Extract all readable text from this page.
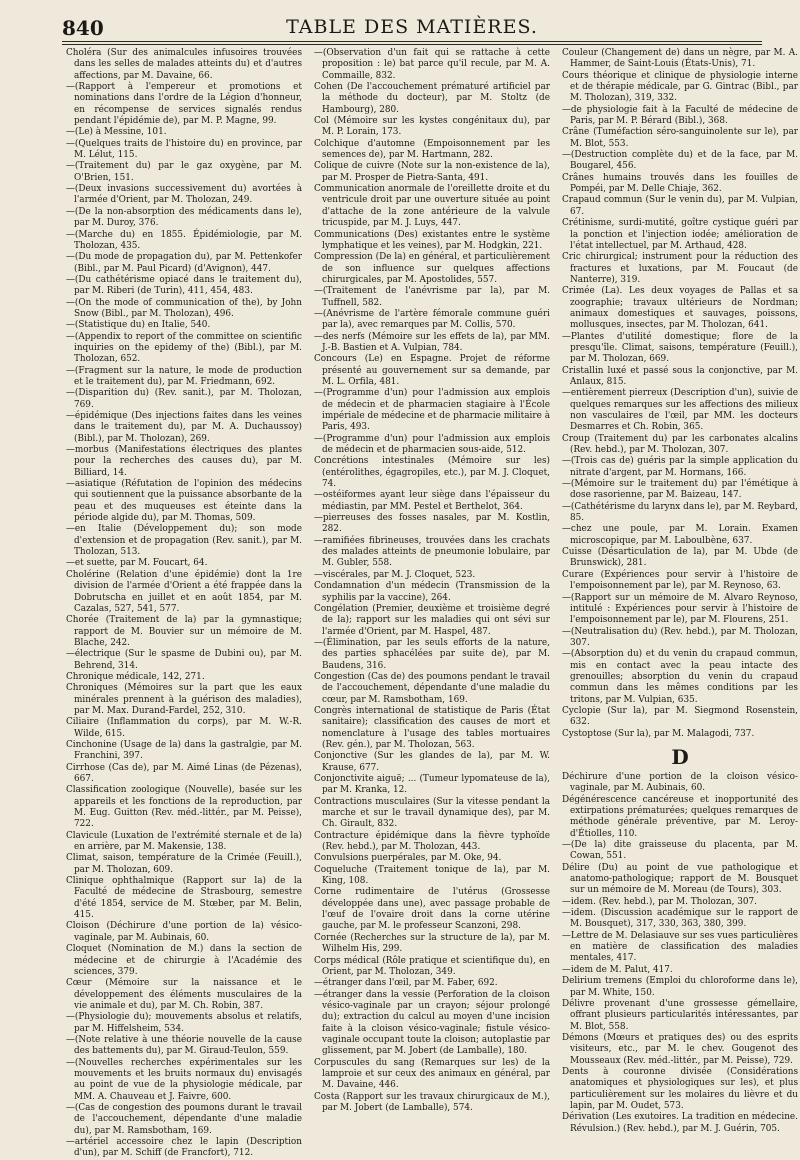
840	TABLE DES MATIÈRES.

Choléra (Sur des animalcules infusoires trouvées dans les selles de malades atteints du) et d'autres affections, par M. Davaine, 66.

—(Rapport à l'empereur et promotions et nominations dans l'ordre de la Légion d'honneur, en récompense de services signalés rendus pendant l'épidémie de), par M. P. Magne, 99.

—(Le) à Messine, 101.

—(Quelques traits de l'histoire du) en province, par M. Lélut, 115.

—(Traitement du) par le gaz oxygène, par M. O'Brien, 151.

—(Deux invasions successivement du) avortées à l'armée d'Orient, par M. Tholozan, 249.

—(De la non-absorption des médicaments dans le), par M. Duroy, 376.

—(Marche du) en 1855. Épidémiologie, par M. Tholozan, 435.

—(Du mode de propagation du), par M. Pettenkofer (Bibl., par M. Paul Picard) (d'Avignon), 447.

—(Du cathétérisme opiacé dans le traitement du), par M. Riberi (de Turin), 411, 454, 483.

—(On the mode of communication of the), by John Snow (Bibl., par M. Tholozan), 496.

—(Statistique du) en Italie, 540.

—(Appendix to report of the committee on scientific inquiries on the epidemy of the) (Bibl.), par M. Tholozan, 652.

—(Fragment sur la nature, le mode de production et le traitement du), par M. Friedmann, 692.

—(Disparition du) (Rev. sanit.), par M. Tholozan, 769.

—épidémique (Des injections faites dans les veines dans le traitement du), par M. A. Duchaussoy) (Bibl.), par M. Tholozan), 269.

—morbus (Manifestations électriques des plantes pour la recherches des causes du), par M. Billiard, 14.

—asiatique (Réfutation de l'opinion des médecins qui soutiennent que la puissance absorbante de la peau et des muqueuses est éteinte dans la période algide du), par M. Thomas, 509.

—en Italie (Développement du); son mode d'extension et de propagation (Rev. sanit.), par M. Tholozan, 513.

—et suette, par M. Foucart, 64.

Cholérine (Relation d'une épidémie) dont la 1re division de l'armée d'Orient a été frappée dans la Dobrutscha en juillet et en août 1854, par M. Cazalas, 527, 541, 577.

Chorée (Traitement de la) par la gymnastique; rapport de M. Bouvier sur un mémoire de M. Blache, 242.

—électrique (Sur le spasme de Dubini ou), par M. Behrend, 314.

Chronique médicale, 142, 271.

Chroniques (Mémoires sur la part que les eaux minérales prennent à la guérison des maladies), par M. Max. Durand-Fardel, 252, 310.

Ciliaire (Inflammation du corps), par M. W.-R. Wilde, 615.

Cinchonine (Usage de la) dans la gastralgie, par M. Franchini, 397.

Cirrhose (Cas de), par M. Aimé Linas (de Pézenas), 667.

Classification zoologique (Nouvelle), basée sur les appareils et les fonctions de la reproduction, par M. Eug. Guitton (Rev. méd.-littér., par M. Peisse), 722.

Clavicule (Luxation de l'extrémité sternale et de la) en arrière, par M. Makensie, 138.

Climat, saison, température de la Crimée (Feuill.), par M. Tholozan, 609.

Clinique ophthalmique (Rapport sur la) de la Faculté de médecine de Strasbourg, semestre d'été 1854, service de M. Stœber, par M. Belin, 415.

Cloison (Déchirure d'une portion de la) vésico-vaginale, par M. Aubinais, 60.

Cloquet (Nomination de M.) dans la section de médecine et de chirurgie à l'Académie des sciences, 379.

Cœur (Mémoire sur la naissance et le développement des éléments musculaires de la vie animale et du), par M. Ch. Robin, 387.

—(Physiologie du); mouvements absolus et relatifs, par M. Hiffelsheim, 534.

—(Note relative à une théorie nouvelle de la cause des battements du), par M. Giraud-Teulon, 559.

—(Nouvelles recherches expérimentales sur les mouvements et les bruits normaux du) envisagés au point de vue de la physiologie médicale, par MM. A. Chauveau et J. Faivre, 600.

—(Cas de congestion des poumons durant le travail de l'accouchement, dépendante d'une maladie du), par M. Ramsbotham, 169.

—artériel accessoire chez le lapin (Description d'un), par M. Schiff (de Francfort), 712.

—(Observation d'un fait qui se rattache à cette proposition : le) bat parce qu'il recule, par M. A. Commaille, 832.

Cohen (De l'accouchement prématuré artificiel par la méthode du docteur), par M. Stoltz (de Hambourg), 280.

Col (Mémoire sur les kystes congénitaux du), par M. P. Lorain, 173.

Colchique d'automne (Empoisonnement par les semences de), par M. Hartmann, 282.

Colique de cuivre (Note sur la non-existence de la), par M. Prosper de Pietra-Santa, 491.

Communication anormale de l'oreillette droite et du ventricule droit par une ouverture située au point d'attache de la zone antérieure de la valvule tricuspide, par M. J. Luys, 447.

Communications (Des) existantes entre le système lymphatique et les veines), par M. Hodgkin, 221.

Compression (De la) en général, et particulièrement de son influence sur quelques affections chirurgicales, par M. Apostolides, 557.

—(Traitement de l'anévrisme par la), par M. Tuffnell, 582.

—(Anévrisme de l'artère fémorale commune guéri par la), avec remarques par M. Collis, 570.

—des nerfs (Mémoire sur les effets de la), par MM. J.-B. Bastien et A. Vulpian, 784.

Concours (Le) en Espagne. Projet de réforme présenté au gouvernement sur sa demande, par M. L. Orfila, 481.

—(Programme d'un) pour l'admission aux emplois de médecin et de pharmacien stagiaire à l'École impériale de médecine et de pharmacie militaire à Paris, 493.

—(Programme d'un) pour l'admission aux emplois de médecin et de pharmacien sous-aide, 512.

Concrétions intestinales (Mémoire sur les) (entérolithes, égagropiles, etc.), par M. J. Cloquet, 74.

—ostéiformes ayant leur siège dans l'épaisseur du médiastin, par MM. Pestel et Berthelot, 364.

—pierreuses des fosses nasales, par M. Kostlin, 282.

—ramifiées fibrineuses, trouvées dans les crachats des malades atteints de pneumonie lobulaire, par M. Gubler, 558.

—viscérales, par M. J. Cloquet, 523.

Condamnation d'un médecin (Transmission de la syphilis par la vaccine), 264.

Congélation (Premier, deuxième et troisième degré de la); rapport sur les maladies qui ont sévi sur l'armée d'Orient, par M. Haspel, 487.

—(Élimination, par les seuls efforts de la nature, des parties sphacélées par suite de), par M. Baudens, 316.

Congestion (Cas de) des poumons pendant le travail de l'accouchement, dépendante d'une maladie du cœur, par M. Ramsbotham, 169.

Congrès international de statistique de Paris (État sanitaire); classification des causes de mort et nomenclature à l'usage des tables mortuaires (Rev. gén.), par M. Tholozan, 563.

Conjonctive (Sur les glandes de la), par M. W. Krause, 677.

Conjonctivite aiguë; ... (Tumeur lypomateuse de la), par M. Kranka, 12.

Contractions musculaires (Sur la vitesse pendant la marche et sur le travail dynamique des), par M. Ch. Girault, 832.

Contracture épidémique dans la fièvre typhoïde (Rev. hebd.), par M. Tholozan, 443.

Convulsions puerpérales, par M. Oke, 94.

Coqueluche (Traitement tonique de la), par M. King, 108.

Corne rudimentaire de l'utérus (Grossesse développée dans une), avec passage probable de l'œuf de l'ovaire droit dans la corne utérine gauche, par M. le professeur Scanzoni, 298.

Cornée (Recherches sur la structure de la), par M. Wilhelm His, 299.

Corps médical (Rôle pratique et scientifique du), en Orient, par M. Tholozan, 349.

—étranger dans l'œil, par M. Faber, 692.

—étranger dans la vessie (Perforation de la cloison vésico-vaginale par un crayon; séjour prolongé du); extraction du calcul au moyen d'une incision faite à la cloison vésico-vaginale; fistule vésico-vaginale occupant toute la cloison; autoplastie par glissement, par M. Jobert (de Lamballe), 180.

Corpuscules du sang (Remarques sur les) de la lamproie et sur ceux des animaux en général, par M. Davaine, 446.

Costa (Rapport sur les travaux chirurgicaux de M.), par M. Jobert (de Lamballe), 574.

Couleur (Changement de) dans un nègre, par M. A. Hammer, de Saint-Louis (États-Unis), 71.

Cours théorique et clinique de physiologie interne et de thérapie médicale, par G. Gintrac (Bibl., par M. Tholozan), 319, 332.

—de physiologie fait à la Faculté de médecine de Paris, par M. P. Bérard (Bibl.), 368.

Crâne (Tuméfaction séro-sanguinolente sur le), par M. Blot, 553.

—(Destruction complète du) et de la face, par M. Bougarel, 456.

Crânes humains trouvés dans les fouilles de Pompéi, par M. Delle Chiaje, 362.

Crapaud commun (Sur le venin du), par M. Vulpian, 67.

Crétinisme, surdi-mutité, goître cystique guéri par la ponction et l'injection iodée; amélioration de l'état intellectuel, par M. Arthaud, 428.

Cric chirurgical; instrument pour la réduction des fractures et luxations, par M. Foucaut (de Nanterre), 319.

Crimée (La). Les deux voyages de Pallas et sa zoographie; travaux ultérieurs de Nordman; animaux domestiques et sauvages, poissons, mollusques, insectes, par M. Tholozan, 641.

—Plantes d'utilité domestique; flore de la presqu'île. Climat, saisons, température (Feuill.), par M. Tholozan, 669.

Cristallin luxé et passé sous la conjonctive, par M. Anlaux, 815.

—entièrement pierreux (Description d'un), suivie de quelques remarques sur les affections des milieux non vasculaires de l'œil, par MM. les docteurs Desmarres et Ch. Robin, 365.

Croup (Traitement du) par les carbonates alcalins (Rev. hebd.), par M. Tholozan, 307.

—(Trois cas de) guéris par la simple application du nitrate d'argent, par M. Hormans, 166.

—(Mémoire sur le traitement du) par l'émétique à dose rasorienne, par M. Baizeau, 147.

—(Cathétérisme du larynx dans le), par M. Reybard, 85.

—chez une poule, par M. Lorain. Examen microscopique, par M. Laboulbène, 637.

Cuisse (Désarticulation de la), par M. Ubde (de Brunswick), 281.

Curare (Expériences pour servir à l'histoire de l'empoisonnement par le), par M. Reynoso, 63.

—(Rapport sur un mémoire de M. Alvaro Reynoso, intitulé : Expériences pour servir à l'histoire de l'empoisonnement par le), par M. Flourens, 251.

—(Neutralisation du) (Rev. hebd.), par M. Tholozan, 307.

—(Absorption du) et du venin du crapaud commun, mis en contact avec la peau intacte des grenouilles; absorption du venin du crapaud commun dans les mêmes conditions par les tritons, par M. Vulpian, 635.

Cyclopie (Sur la), par M. Siegmond Rosenstein, 632.

Cystoptose (Sur la), par M. Malagodi, 737.

D

Déchirure d'une portion de la cloison vésico-vaginale, par M. Aubinais, 60.

Dégénérescence cancéreuse et inopportunité des extirpations prématurées; quelques remarques de méthode générale préventive, par M. Leroy-d'Étiolles, 110.

—(De la) dite graisseuse du placenta, par M. Cowan, 551.

Délire (Du) au point de vue pathologique et anatomo-pathologique; rapport de M. Bousquet sur un mémoire de M. Moreau (de Tours), 303.

—idem. (Rev. hebd.), par M. Tholozan, 307.

—idem. (Discussion académique sur le rapport de M. Bousquet), 317, 330, 363, 380, 399.

—Lettre de M. Delasiauve sur ses vues particulières en matière de classification des maladies mentales, 417.

—idem de M. Palut, 417.

Delirium tremens (Emploi du chloroforme dans le), par M. White, 150.

Délivre provenant d'une grossesse gémellaire, offrant plusieurs particularités intéressantes, par M. Blot, 558.

Démons (Mœurs et pratiques des) ou des esprits visiteurs, etc., par M. le chev. Gougenot des Mousseaux (Rev. méd.-littér., par M. Peisse), 729.

Dents à couronne divisée (Considérations anatomiques et physiologiques sur les), et plus particulièrement sur les molaires du lièvre et du lapin, par M. Oudet, 573.

Dérivation (Les exutoires. La tradition en médecine. Révulsion.) (Rev. hebd.), par M. J. Guérin, 705.
